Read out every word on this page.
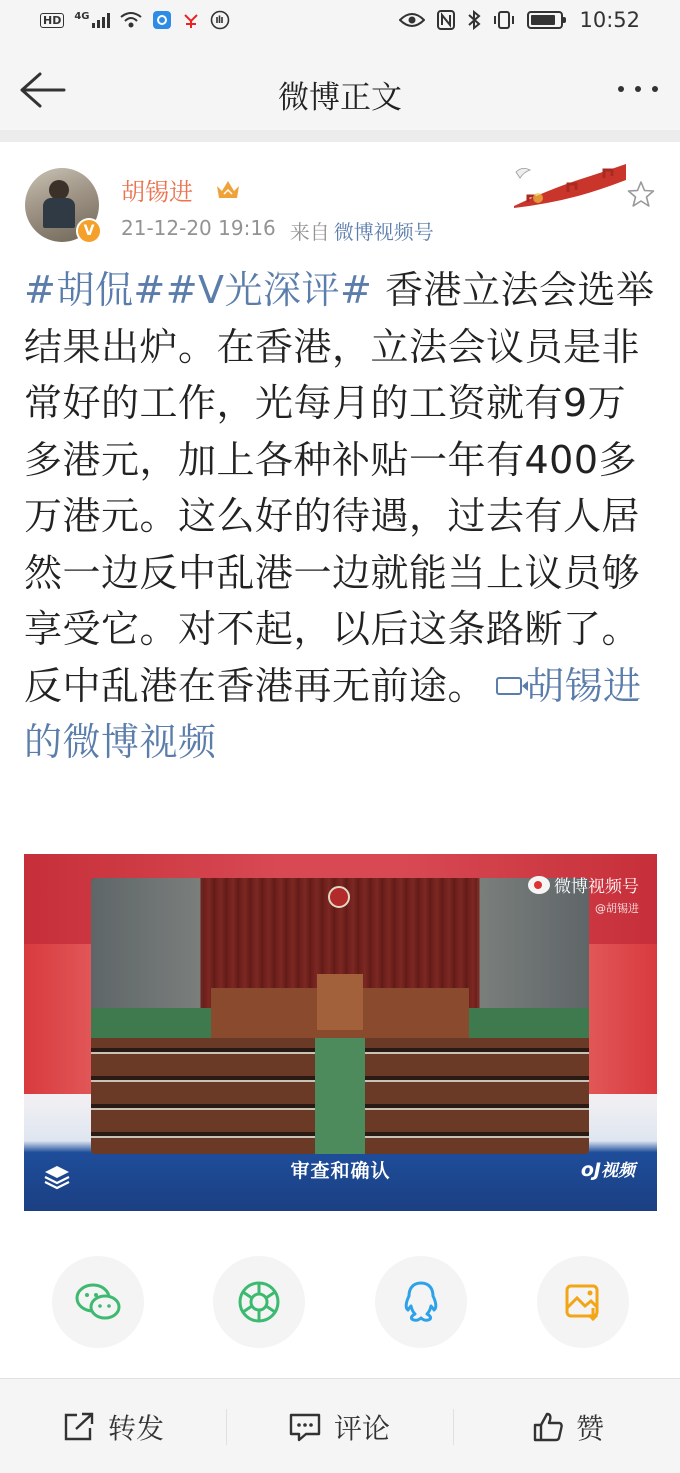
HD	4G	10:52
微博正文
V
胡锡进
21-12-20 19:16 来自 微博视频号
#胡侃##V光深评# 香港立法会选举结果出炉。在香港，立法会议员是非常好的工作，光每月的工资就有9万多港元，加上各种补贴一年有400多万港元。这么好的待遇，过去有人居然一边反中乱港一边就能当上议员够享受它。对不起，以后这条路断了。反中乱港在香港再无前途。 胡锡进的微博视频
微博视频号
@胡锡进
审查和确认	oJ视频
转发	评论	赞
